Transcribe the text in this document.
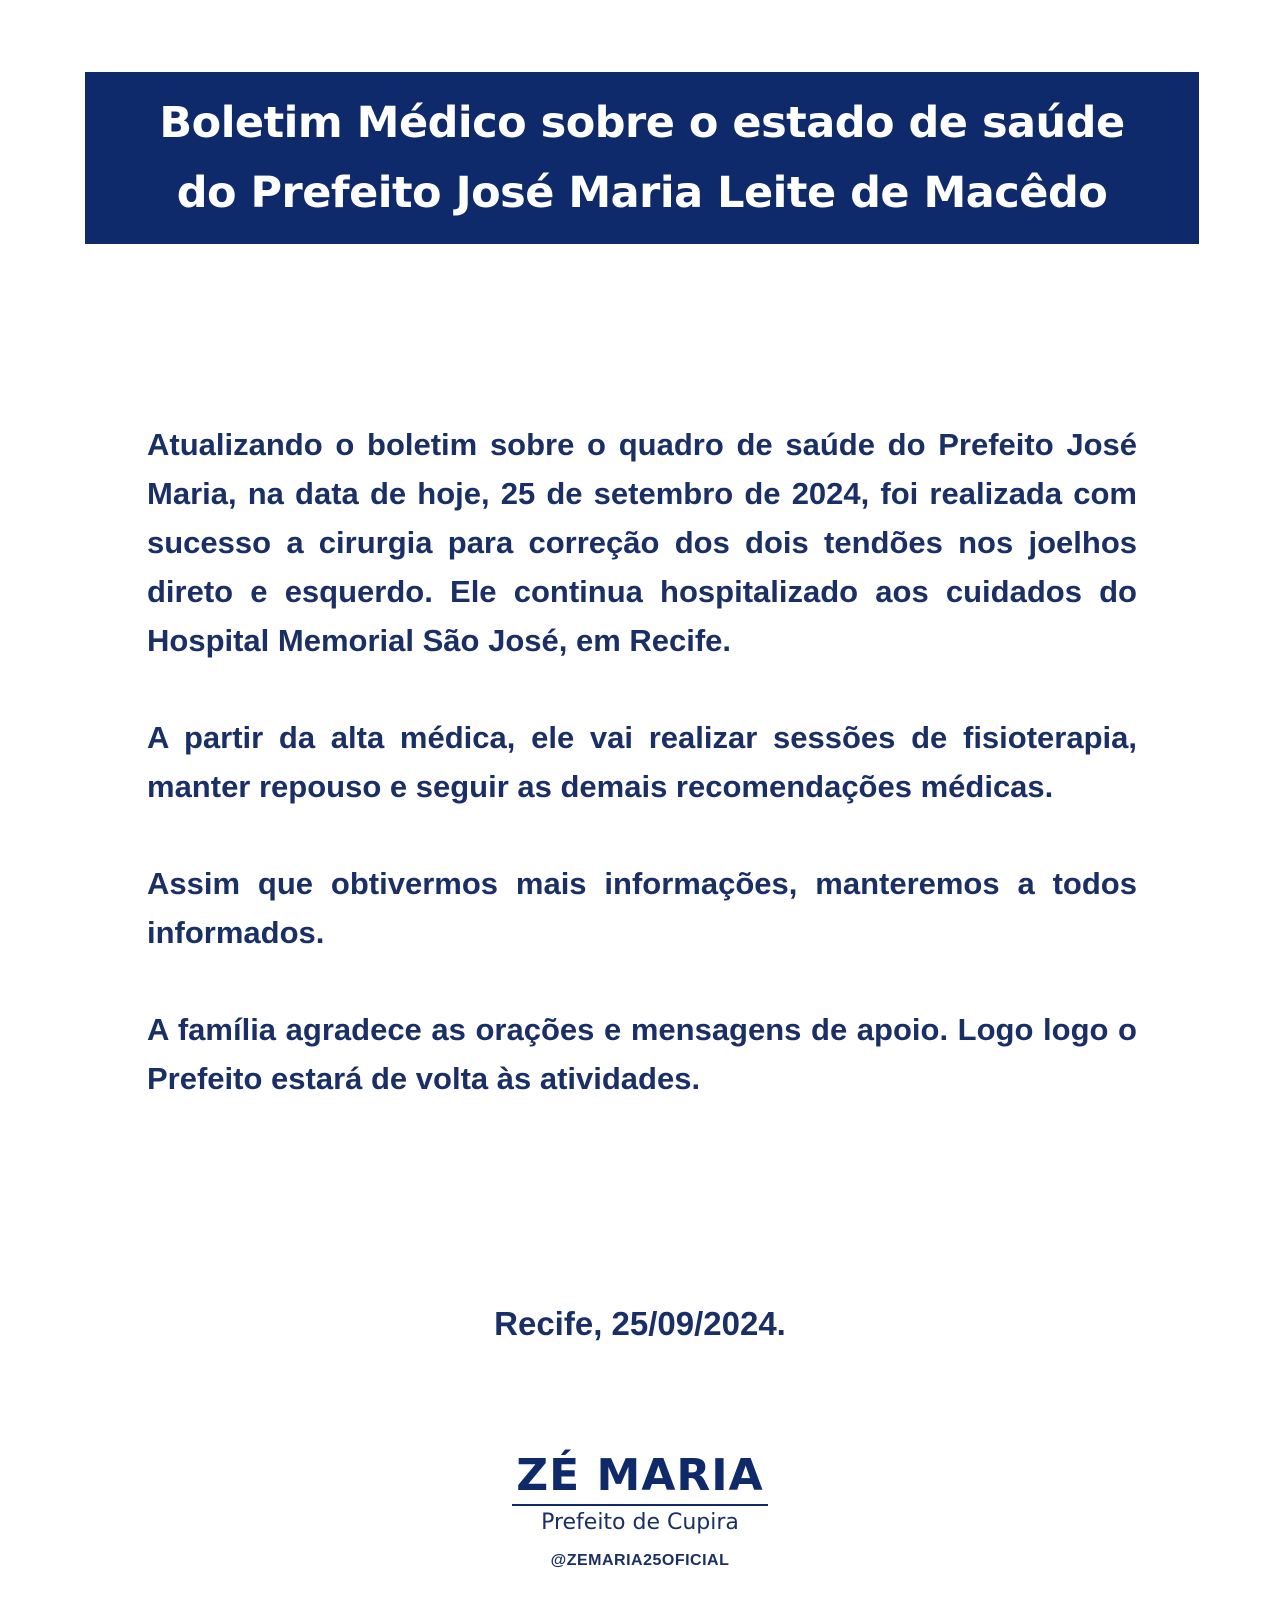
Boletim Médico sobre o estado de saúde
do Prefeito José Maria Leite de Macêdo

Atualizando o boletim sobre o quadro de saúde do Prefeito José Maria, na data de hoje, 25 de setembro de 2024, foi realizada com sucesso a cirurgia para correção dos dois tendões nos joelhos direto e esquerdo. Ele continua hospitalizado aos cuidados do Hospital Memorial São José, em Recife.

A partir da alta médica, ele vai realizar sessões de fisioterapia, manter repouso e seguir as demais recomendações médicas.

Assim que obtivermos mais informações, manteremos a todos informados.

A família agradece as orações e mensagens de apoio. Logo logo o Prefeito estará de volta às atividades.

Recife, 25/09/2024.
ZÉ MARIA
Prefeito de Cupira
@ZEMARIA25OFICIAL
